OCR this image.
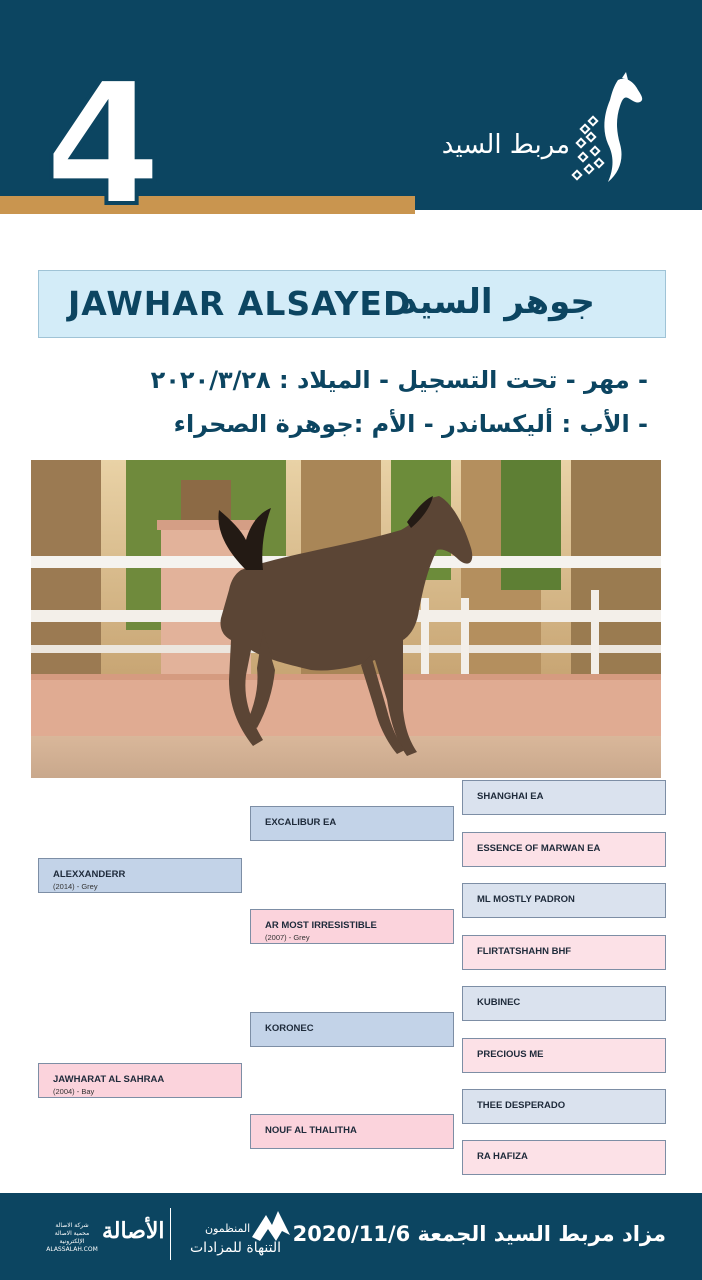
4	مربط السيد
JAWHAR ALSAYED
جوهر السيد
- مهر - تحت التسجيل - الميلاد : ٢٠٢٠/٣/٢٨
- الأب : أليكساندر - الأم :جوهرة الصحراء
ALEXXANDERR
(2014) - Grey
JAWHARAT AL SAHRAA
(2004) - Bay
EXCALIBUR EA
AR MOST IRRESISTIBLE
(2007) - Grey
KORONEC
NOUF AL THALITHA
SHANGHAI EA
ESSENCE OF MARWAN EA
ML MOSTLY PADRON
FLIRTATSHAHN BHF
KUBINEC
PRECIOUS ME
THEE DESPERADO
RA HAFIZA
مزاد مربط السيد الجمعة 2020/11/6
المنظمون
التنهاة للمزادات
الأصالة
شركة الاصالة
محمية الاصالة الإلكترونية
ALASSALAH.COM
